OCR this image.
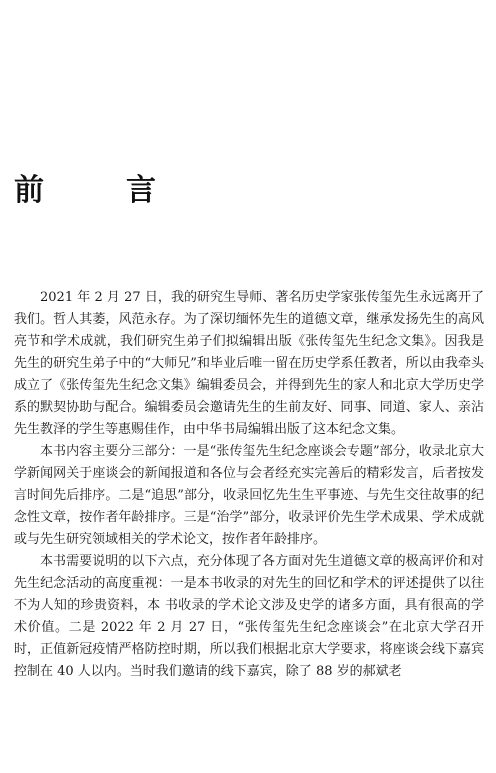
前　言

2021 年 2 月 27 日，我的研究生导师、著名历史学家张传玺先生永远离开了我们。哲人其萎，风范永存。为了深切缅怀先生的道德文章，继承发扬先生的高风亮节和学术成就，我们研究生弟子们拟编辑出版《张传玺先生纪念文集》。因我是先生的研究生弟子中的“大师兄”和毕业后唯一留在历史学系任教者，所以由我牵头成立了《张传玺先生纪念文集》编辑委员会，并得到先生的家人和北京大学历史学系的默契协助与配合。编辑委员会邀请先生的生前友好、同事、同道、家人、亲沾先生教泽的学生等惠赐佳作，由中华书局编辑出版了这本纪念文集。

本书内容主要分三部分：一是“张传玺先生纪念座谈会专题”部分，收录北京大学新闻网关于座谈会的新闻报道和各位与会者经充实完善后的精彩发言，后者按发言时间先后排序。二是“追思”部分，收录回忆先生生平事迹、与先生交往故事的纪念性文章，按作者年龄排序。三是“治学”部分，收录评价先生学术成果、学术成就或与先生研究领域相关的学术论文，按作者年龄排序。

本书需要说明的以下六点，充分体现了各方面对先生道德文章的极高评价和对先生纪念活动的高度重视：一是本书收录的对先生的回忆和学术的评述提供了以往不为人知的珍贵资料，本 书收录的学术论文涉及史学的诸多方面，具有很高的学术价值。二是 2022 年 2 月 27 日，“张传玺先生纪念座谈会”在北京大学召开时，正值新冠疫情严格防控时期，所以我们根据北京大学要求，将座谈会线下嘉宾控制在 40 人以内。当时我们邀请的线下嘉宾，除了 88 岁的郝斌老
